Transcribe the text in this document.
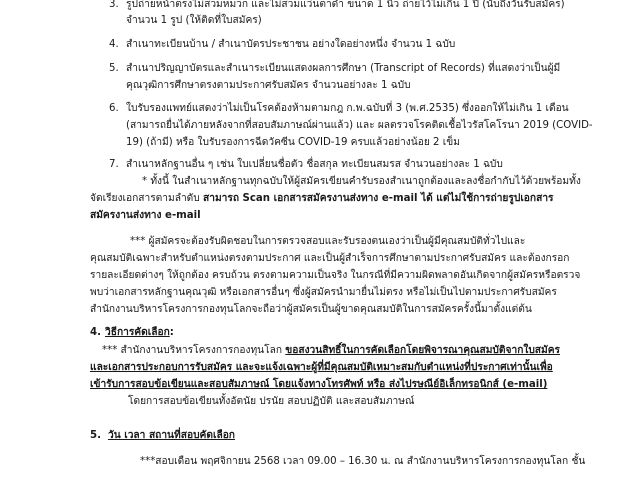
3. รูปถ่ายหน้าตรงไม่สวมหมวก และไม่สวมแว่นตาดำ ขนาด 1 นิ้ว ถ่ายไว้ไม่เกิน 1 ปี (นับถึงวันรับสมัคร)
จำนวน 1 รูป (ให้ติดที่ใบสมัคร)
4. สำเนาทะเบียนบ้าน / สำเนาบัตรประชาชน อย่างใดอย่างหนึ่ง จำนวน 1 ฉบับ
5. สำเนาปริญญาบัตรและสำเนาระเบียนแสดงผลการศึกษา (Transcript of Records) ที่แสดงว่าเป็นผู้มี
คุณวุฒิการศึกษาตรงตามประกาศรับสมัคร จำนวนอย่างละ 1 ฉบับ
6. ใบรับรองแพทย์แสดงว่าไม่เป็นโรคต้องห้ามตามกฎ ก.พ.ฉบับที่ 3 (พ.ศ.2535) ซึ่งออกให้ไม่เกิน 1 เดือน
(สามารถยื่นได้ภายหลังจากที่สอบสัมภาษณ์ผ่านแล้ว) และ ผลตรวจโรคติดเชื้อไวรัสโคโรนา 2019 (COVID-
19) (ถ้ามี) หรือ ใบรับรองการฉีดวัคซีน COVID-19 ครบแล้วอย่างน้อย 2 เข็ม
7. สำเนาหลักฐานอื่น ๆ เช่น ใบเปลี่ยนชื่อตัว ชื่อสกุล ทะเบียนสมรส จำนวนอย่างละ 1 ฉบับ
* ทั้งนี้ ในสำเนาหลักฐานทุกฉบับให้ผู้สมัครเขียนคำรับรองสำเนาถูกต้องและลงชื่อกำกับไว้ด้วยพร้อมทั้ง
จัดเรียงเอกสารตามลำดับ สามารถ Scan เอกสารสมัครงานส่งทาง e-mail ได้ แต่ไม่ใช้การถ่ายรูปเอกสาร
สมัครงานส่งทาง e-mail
*** ผู้สมัครจะต้องรับผิดชอบในการตรวจสอบและรับรองตนเองว่าเป็นผู้มีคุณสมบัติทั่วไปและ
คุณสมบัติเฉพาะสำหรับตำแหน่งตรงตามประกาศ และเป็นผู้สำเร็จการศึกษาตามประกาศรับสมัคร และต้องกรอก
รายละเอียดต่างๆ ให้ถูกต้อง ครบถ้วน ตรงตามความเป็นจริง ในกรณีที่มีความผิดพลาดอันเกิดจากผู้สมัครหรือตรวจ
พบว่าเอกสารหลักฐานคุณวุฒิ หรือเอกสารอื่นๆ ซึ่งผู้สมัครนำมายื่นไม่ตรง หรือไม่เป็นไปตามประกาศรับสมัคร
สำนักงานบริหารโครงการกองทุนโลกจะถือว่าผู้สมัครเป็นผู้ขาดคุณสมบัติในการสมัครครั้งนี้มาตั้งแต่ต้น
4. วิธีการคัดเลือก:
*** สำนักงานบริหารโครงการกองทุนโลก ขอสงวนสิทธิ์ในการคัดเลือกโดยพิจารณาคุณสมบัติจากใบสมัคร
และเอกสารประกอบการรับสมัคร และจะแจ้งเฉพาะผู้ที่มีคุณสมบัติเหมาะสมกับตำแหน่งที่ประกาศเท่านั้นเพื่อ
เข้ารับการสอบข้อเขียนและสอบสัมภาษณ์ โดยแจ้งทางโทรศัพท์ หรือ ส่งไปรษณีย์อิเล็กทรอนิกส์ (e-mail)
โดยการสอบข้อเขียนทั้งอัตนัย ปรนัย สอบปฏิบัติ และสอบสัมภาษณ์
5. วัน เวลา สถานที่สอบคัดเลือก
***สอบเดือน พฤศจิกายน 2568 เวลา 09.00 – 16.30 น. ณ สำนักงานบริหารโครงการกองทุนโลก ชั้น
